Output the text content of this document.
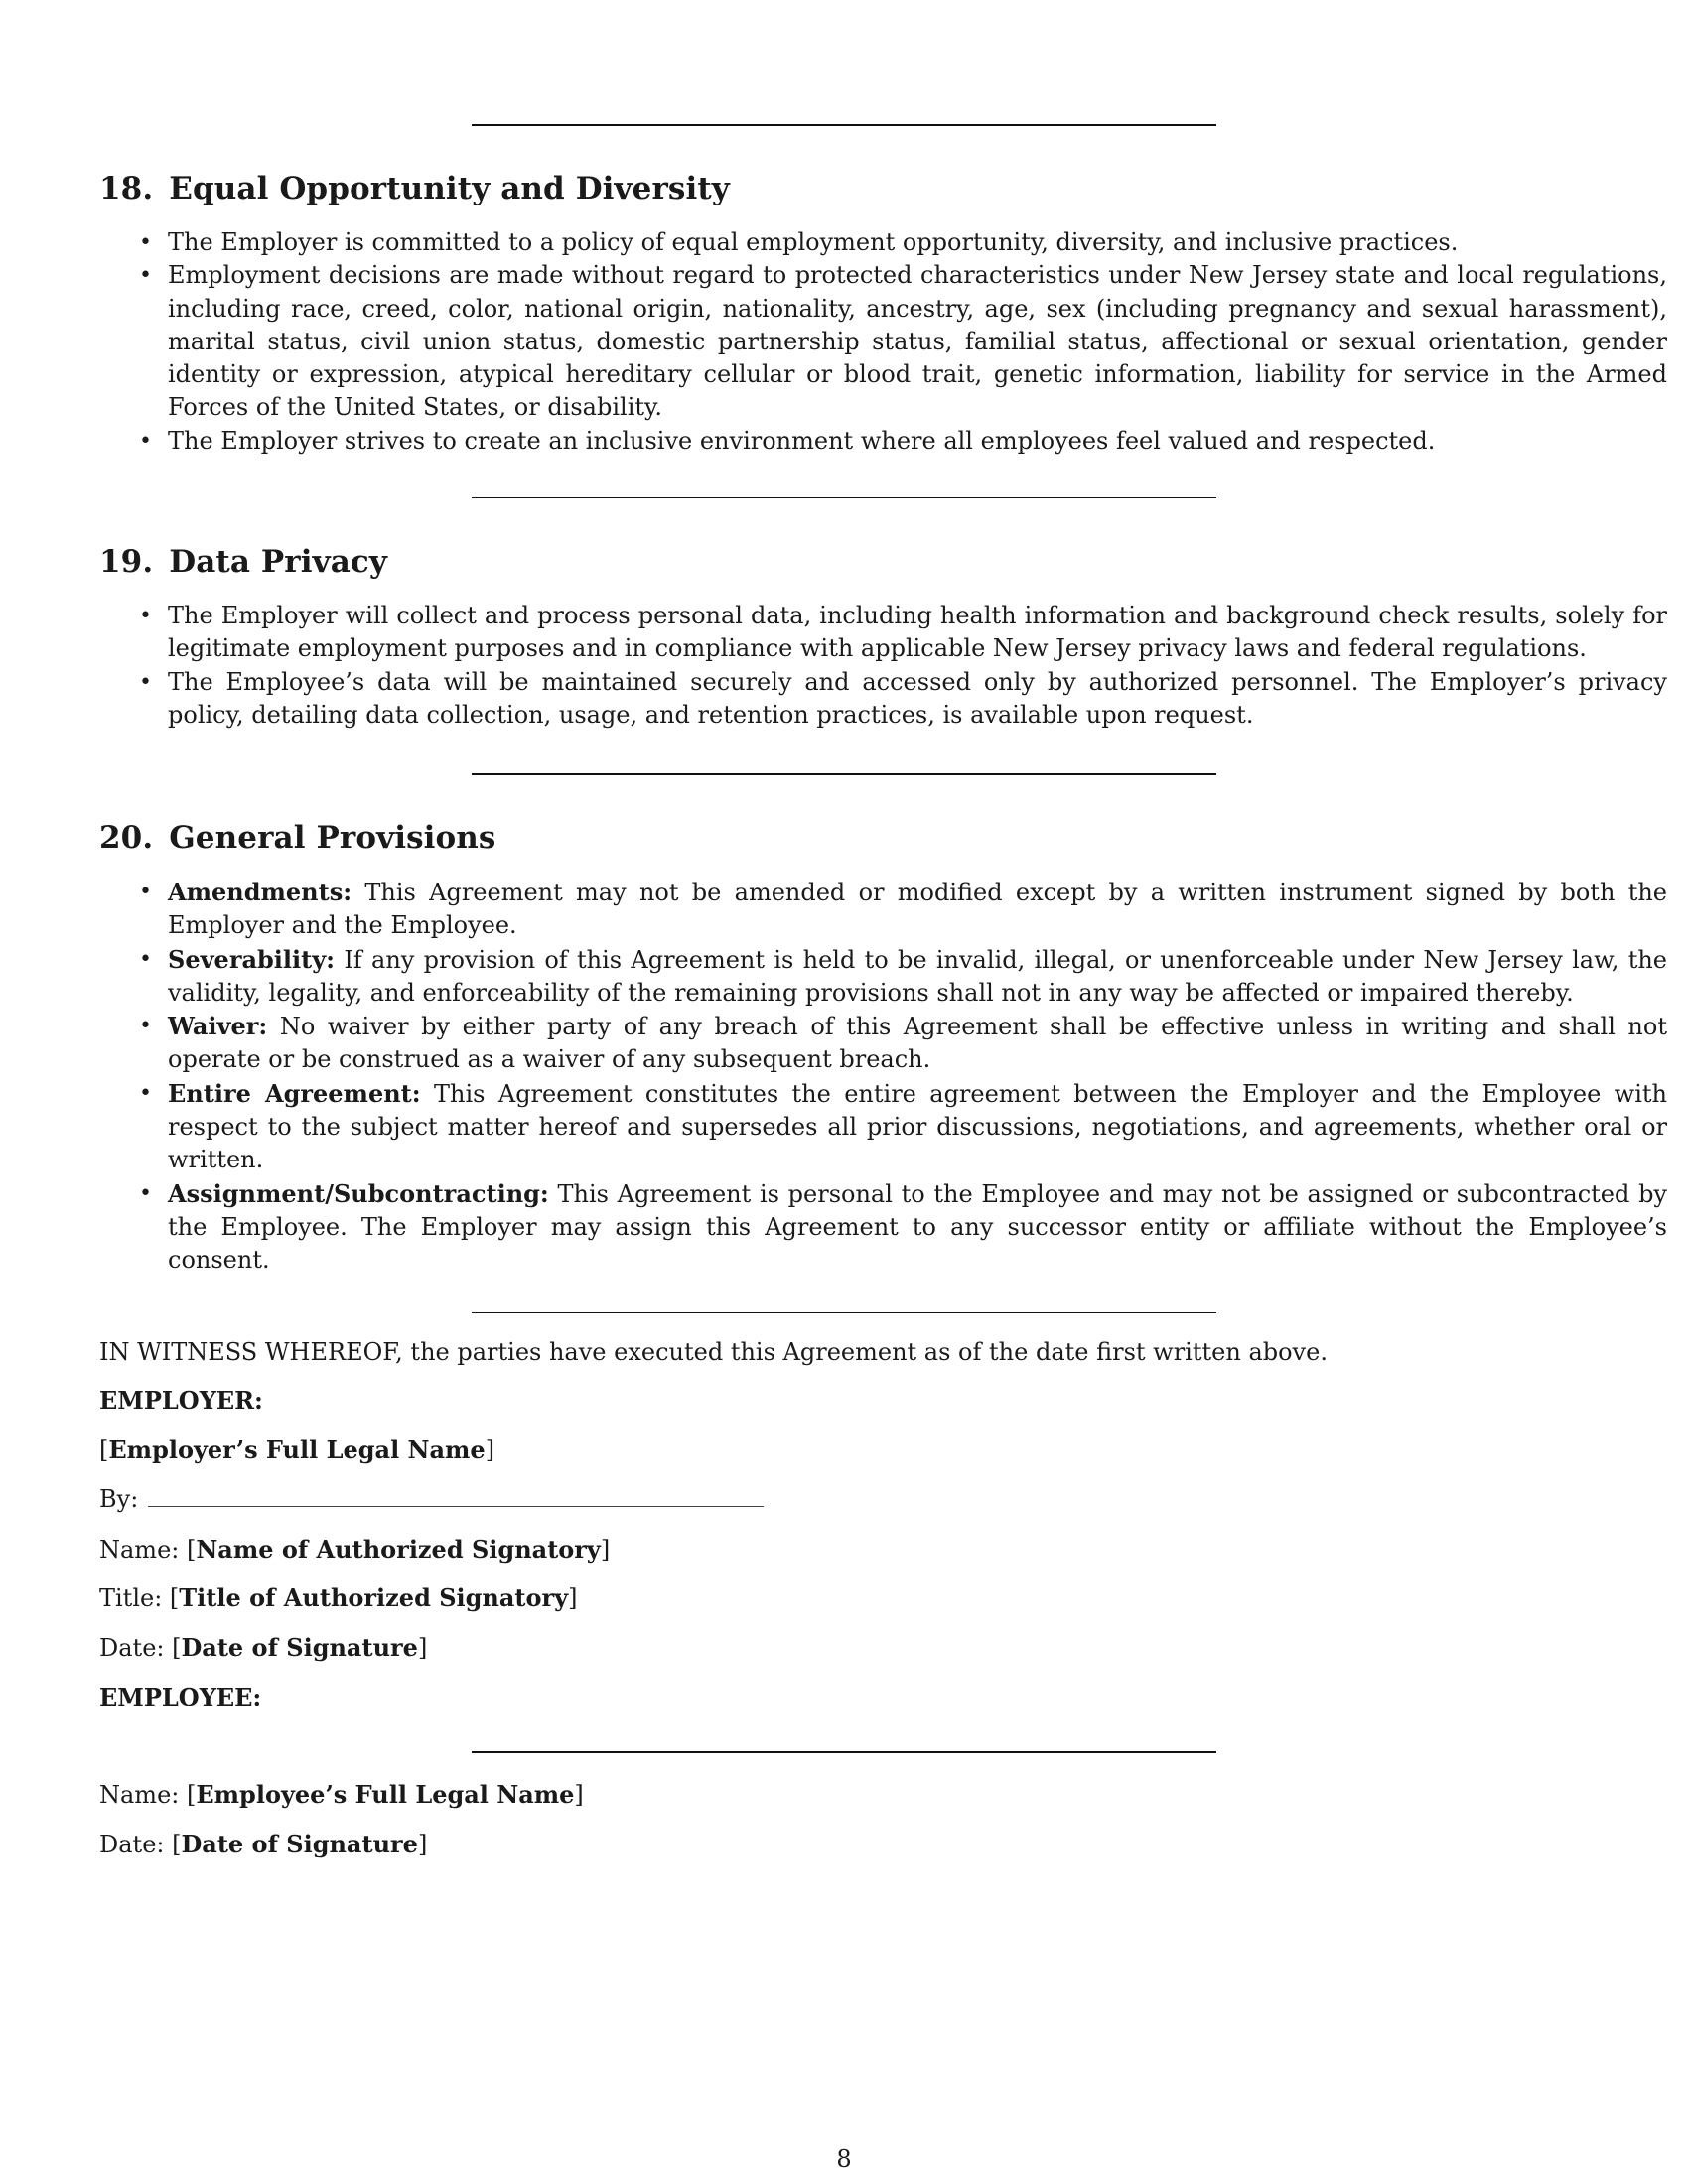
18. Equal Opportunity and Diversity
• The Employer is committed to a policy of equal employment opportunity, diversity, and inclusive practices.
• Employment decisions are made without regard to protected characteristics under New Jersey state and local regulations, including race, creed, color, national origin, nationality, ancestry, age, sex (including pregnancy and sexual harassment), marital status, civil union status, domestic partnership status, familial status, affectional or sexual orientation, gender identity or expression, atypical hereditary cellular or blood trait, genetic information, liability for service in the Armed Forces of the United States, or disability.
• The Employer strives to create an inclusive environment where all employees feel valued and respected.
19. Data Privacy
• The Employer will collect and process personal data, including health information and background check results, solely for legitimate employment purposes and in compliance with applicable New Jersey privacy laws and federal regulations.
• The Employee’s data will be maintained securely and accessed only by authorized personnel. The Employer’s privacy policy, detailing data collection, usage, and retention practices, is available upon request.
20. General Provisions
• Amendments: This Agreement may not be amended or modified except by a written instrument signed by both the Employer and the Employee.
• Severability: If any provision of this Agreement is held to be invalid, illegal, or unenforceable under New Jersey law, the validity, legality, and enforceability of the remaining provisions shall not in any way be affected or impaired thereby.
• Waiver: No waiver by either party of any breach of this Agreement shall be effective unless in writing and shall not operate or be construed as a waiver of any subsequent breach.
• Entire Agreement: This Agreement constitutes the entire agreement between the Employer and the Employee with respect to the subject matter hereof and supersedes all prior discussions, negotiations, and agreements, whether oral or written.
• Assignment/Subcontracting: This Agreement is personal to the Employee and may not be assigned or subcontracted by the Employee. The Employer may assign this Agreement to any successor entity or affiliate without the Employee’s consent.
IN WITNESS WHEREOF, the parties have executed this Agreement as of the date first written above.
EMPLOYER:
[Employer’s Full Legal Name]
By:
Name: [Name of Authorized Signatory]
Title: [Title of Authorized Signatory]
Date: [Date of Signature]
EMPLOYEE:
Name: [Employee’s Full Legal Name]
Date: [Date of Signature]
8
